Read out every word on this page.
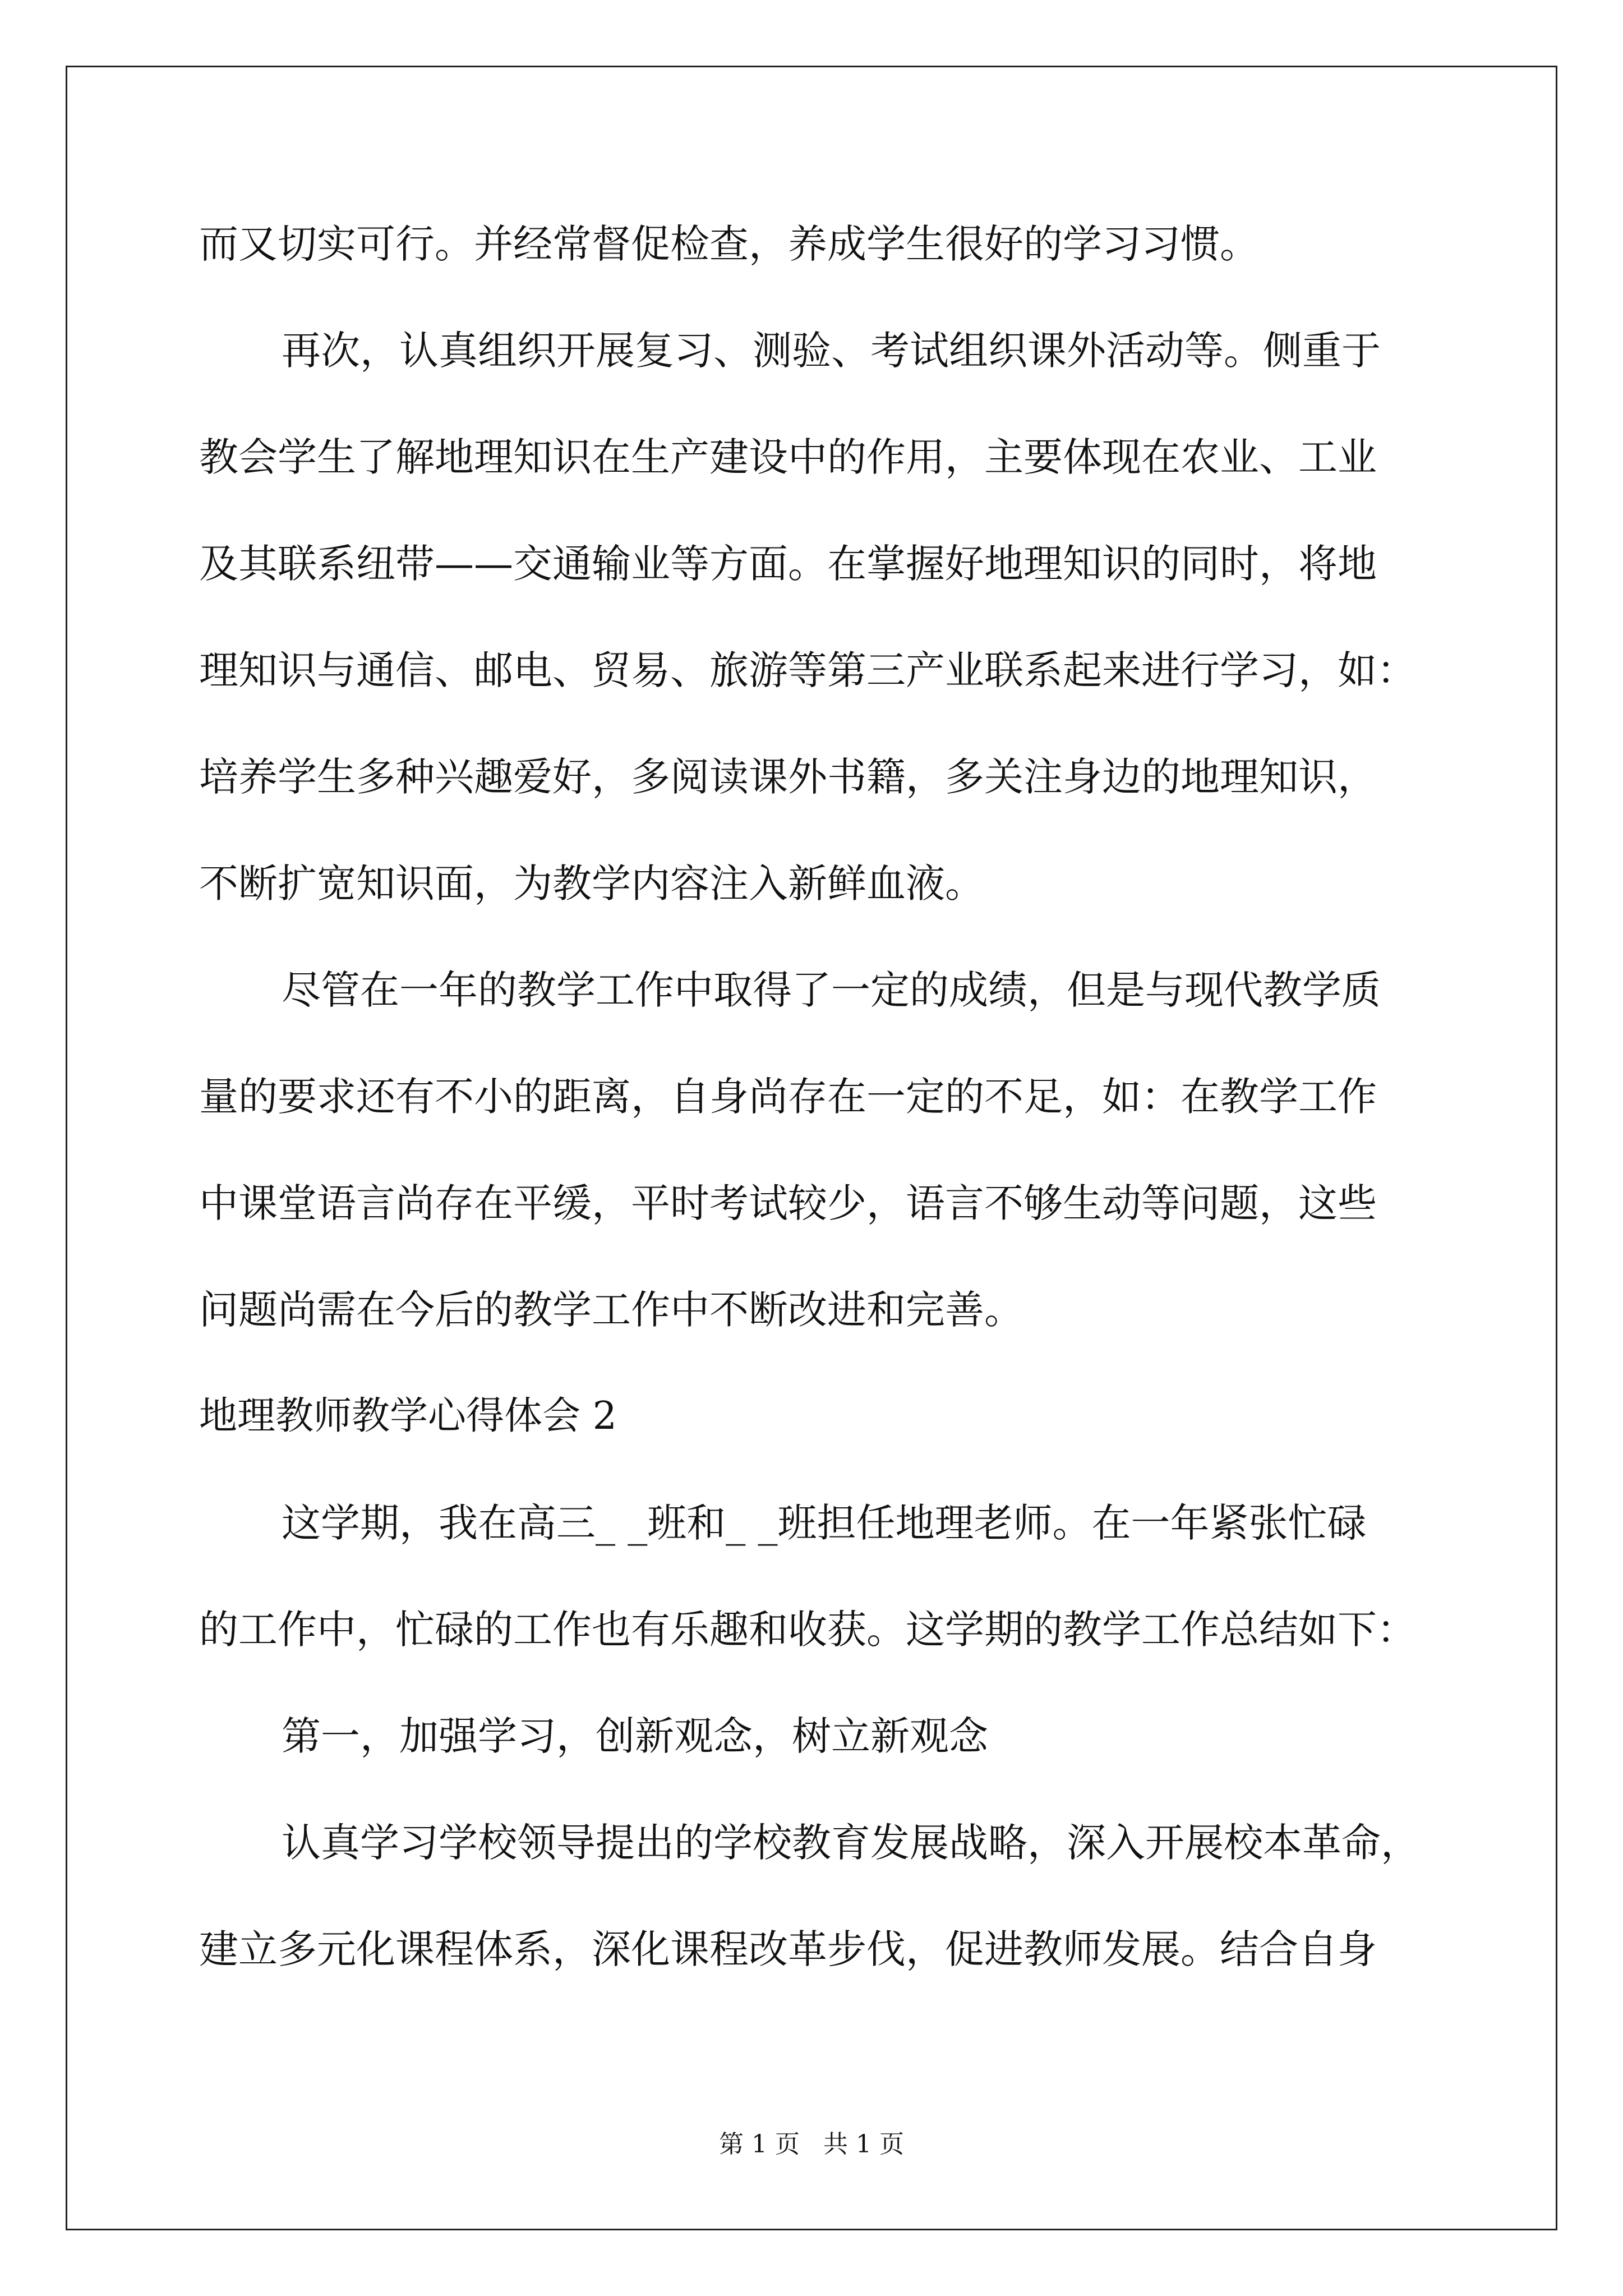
而又切实可行。并经常督促检查，养成学生很好的学习习惯。
再次，认真组织开展复习、测验、考试组织课外活动等。侧重于
教会学生了解地理知识在生产建设中的作用，主要体现在农业、工业
及其联系纽带——交通输业等方面。在掌握好地理知识的同时，将地
理知识与通信、邮电、贸易、旅游等第三产业联系起来进行学习，如：
培养学生多种兴趣爱好，多阅读课外书籍，多关注身边的地理知识，
不断扩宽知识面，为教学内容注入新鲜血液。
尽管在一年的教学工作中取得了一定的成绩，但是与现代教学质
量的要求还有不小的距离，自身尚存在一定的不足，如：在教学工作
中课堂语言尚存在平缓，平时考试较少，语言不够生动等问题，这些
问题尚需在今后的教学工作中不断改进和完善。
地理教师教学心得体会 2
这学期，我在高三_ _班和_ _班担任地理老师。在一年紧张忙碌
的工作中，忙碌的工作也有乐趣和收获。这学期的教学工作总结如下：
第一，加强学习，创新观念，树立新观念
认真学习学校领导提出的学校教育发展战略，深入开展校本革命，
建立多元化课程体系，深化课程改革步伐，促进教师发展。结合自身
第 1 页 共 1 页
